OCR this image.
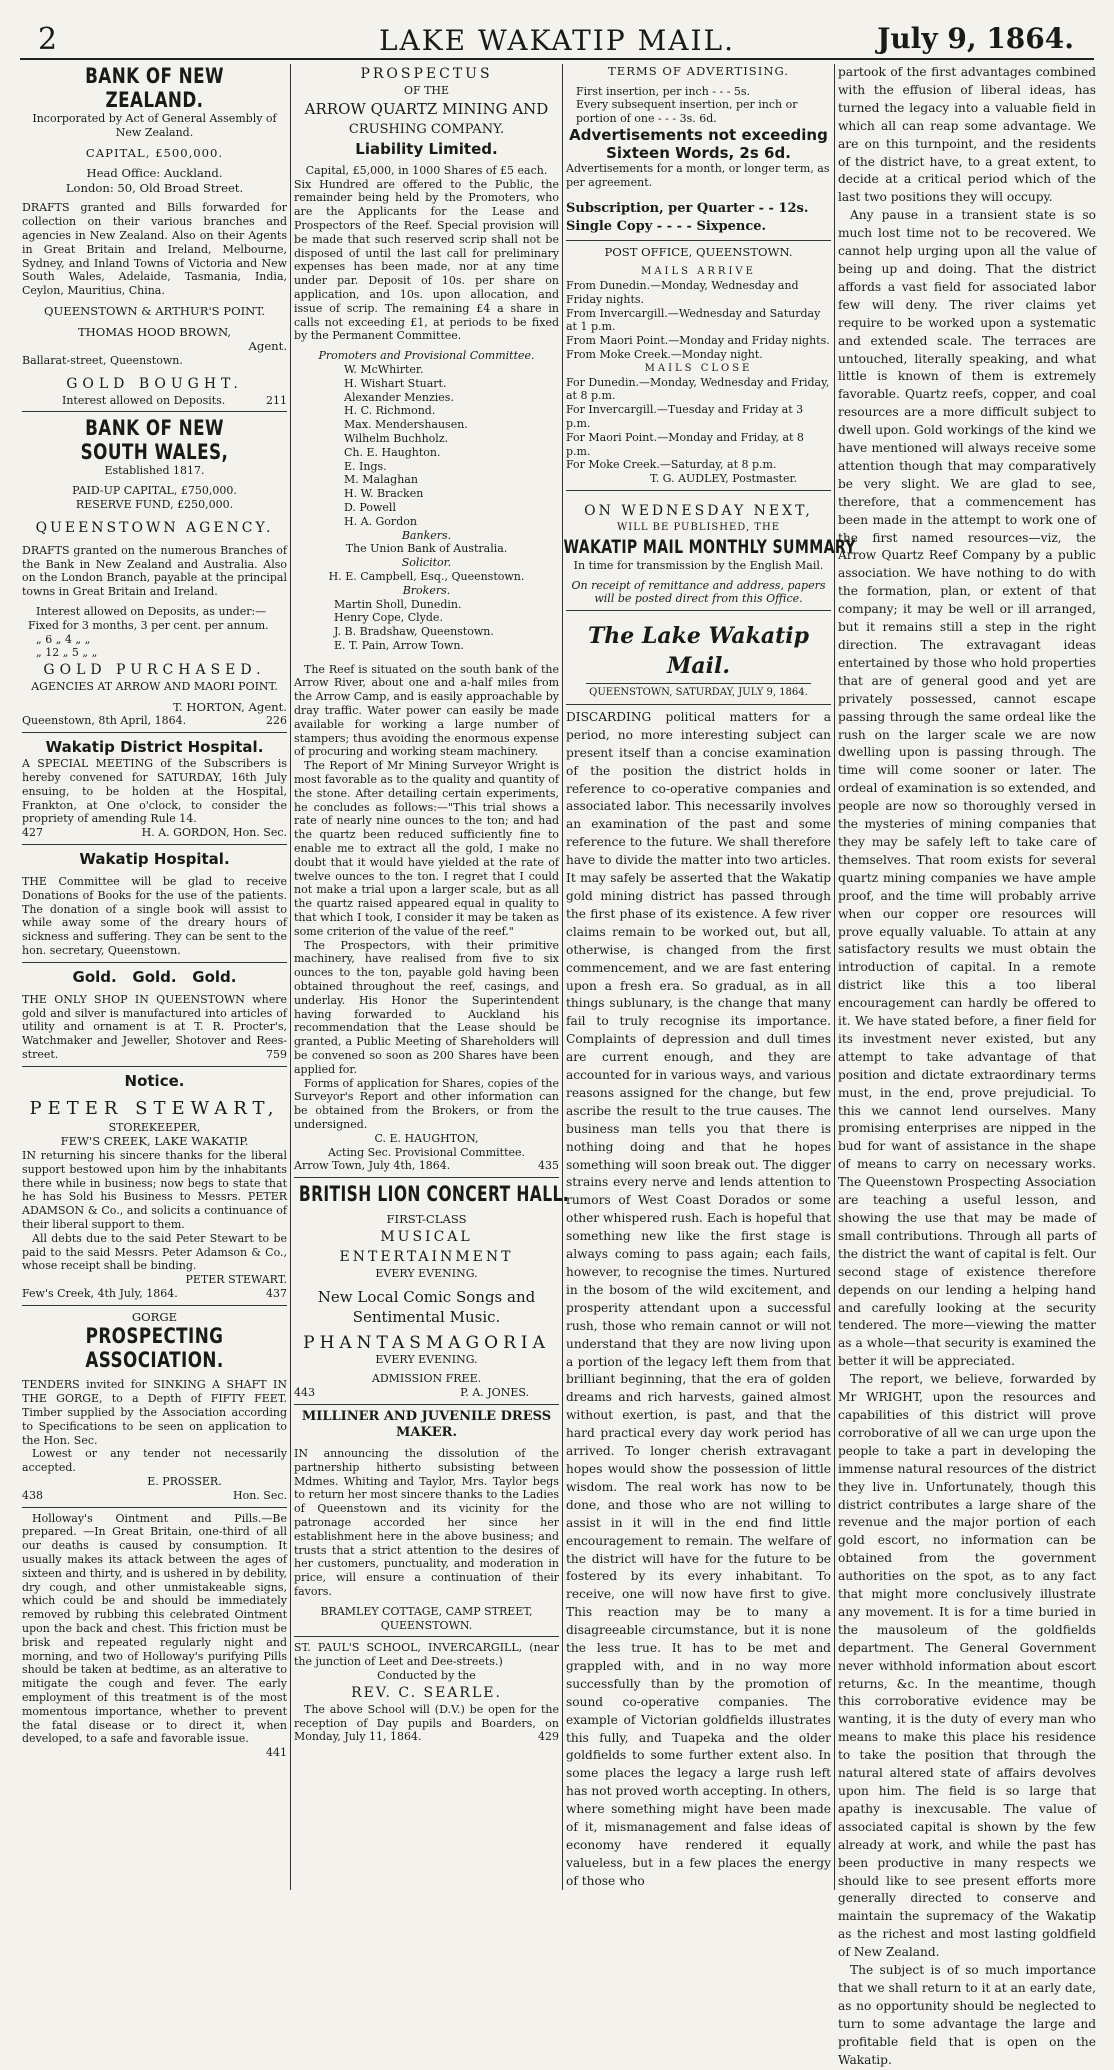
2	LAKE WAKATIP MAIL.	July 9, 1864.
BANK OF NEW ZEALAND.

Incorporated by Act of General Assembly of New Zealand.

CAPITAL, £500,000.

Head Office: Auckland.

London: 50, Old Broad Street.

DRAFTS granted and Bills forwarded for collection on their various branches and agencies in New Zealand. Also on their Agents in Great Britain and Ireland, Melbourne, Sydney, and Inland Towns of Victoria and New South Wales, Adelaide, Tasmania, India, Ceylon, Mauritius, China.

QUEENSTOWN & ARTHUR'S POINT.

THOMAS HOOD BROWN,

Agent.

Ballarat-street, Queenstown.

GOLD BOUGHT.

Interest allowed on Deposits.	211
BANK OF NEW SOUTH WALES,

Established 1817.

PAID-UP CAPITAL, £750,000.

RESERVE FUND, £250,000.

QUEENSTOWN AGENCY.

DRAFTS granted on the numerous Branches of the Bank in New Zealand and Australia. Also on the London Branch, payable at the principal towns in Great Britain and Ireland.

Interest allowed on Deposits, as under:—

Fixed for 3 months, 3 per cent. per annum.

„ 6 „ 4 „ „

„ 12 „ 5 „ „

GOLD PURCHASED.

AGENCIES AT ARROW AND MAORI POINT.

T. HORTON, Agent.

Queenstown, 8th April, 1864.	226
Wakatip District Hospital.

A SPECIAL MEETING of the Subscribers is hereby convened for SATURDAY, 16th July ensuing, to be holden at the Hospital, Frankton, at One o'clock, to consider the propriety of amending Rule 14.

427	H. A. GORDON, Hon. Sec.
Wakatip Hospital.

THE Committee will be glad to receive Donations of Books for the use of the patients. The donation of a single book will assist to while away some of the dreary hours of sickness and suffering. They can be sent to the hon. secretary, Queenstown.

Gold.   Gold.   Gold.

THE ONLY SHOP IN QUEENSTOWN where gold and silver is manufactured into articles of utility and ornament is at T. R. Procter's, Watchmaker and Jeweller, Shotover and Rees-street.	759

Notice.

PETER STEWART,

STOREKEEPER,

FEW'S CREEK, LAKE WAKATIP.

IN returning his sincere thanks for the liberal support bestowed upon him by the inhabitants there while in business; now begs to state that he has Sold his Business to Messrs. PETER ADAMSON & Co., and solicits a continuance of their liberal support to them.

All debts due to the said Peter Stewart to be paid to the said Messrs. Peter Adamson & Co., whose receipt shall be binding.

PETER STEWART.

Few's Creek, 4th July, 1864.	437

GORGE

PROSPECTING ASSOCIATION.

TENDERS invited for SINKING A SHAFT IN THE GORGE, to a Depth of FIFTY FEET. Timber supplied by the Association according to Specifications to be seen on application to the Hon. Sec.

Lowest or any tender not necessarily accepted.

E. PROSSER.

438	Hon. Sec.

Holloway's Ointment and Pills.—Be prepared. —In Great Britain, one-third of all our deaths is caused by consumption. It usually makes its attack between the ages of sixteen and thirty, and is ushered in by debility, dry cough, and other unmistakeable signs, which could be and should be immediately removed by rubbing this celebrated Ointment upon the back and chest. This friction must be brisk and repeated regularly night and morning, and two of Holloway's purifying Pills should be taken at bedtime, as an alterative to mitigate the cough and fever. The early employment of this treatment is of the most momentous importance, whether to prevent the fatal disease or to direct it, when developed, to a safe and favorable issue.

441

PROSPECTUS

OF THE

ARROW QUARTZ MINING AND

CRUSHING COMPANY.

Liability Limited.

Capital, £5,000, in 1000 Shares of £5 each.

Six Hundred are offered to the Public, the remainder being held by the Promoters, who are the Applicants for the Lease and Prospectors of the Reef. Special provision will be made that such reserved scrip shall not be disposed of until the last call for preliminary expenses has been made, nor at any time under par. Deposit of 10s. per share on application, and 10s. upon allocation, and issue of scrip. The remaining £4 a share in calls not exceeding £1, at periods to be fixed by the Permanent Committee.

Promoters and Provisional Committee.

W. McWhirter.

H. Wishart Stuart.

Alexander Menzies.

H. C. Richmond.

Max. Mendershausen.

Wilhelm Buchholz.

Ch. E. Haughton.

E. Ings.

M. Malaghan

H. W. Bracken

D. Powell

H. A. Gordon

Bankers.

The Union Bank of Australia.

Solicitor.

H. E. Campbell, Esq., Queenstown.

Brokers.

Martin Sholl, Dunedin.

Henry Cope, Clyde.

J. B. Bradshaw, Queenstown.

E. T. Pain, Arrow Town.

The Reef is situated on the south bank of the Arrow River, about one and a-half miles from the Arrow Camp, and is easily approachable by dray traffic. Water power can easily be made available for working a large number of stampers; thus avoiding the enormous expense of procuring and working steam machinery.

The Report of Mr Mining Surveyor Wright is most favorable as to the quality and quantity of the stone. After detailing certain experiments, he concludes as follows:—"This trial shows a rate of nearly nine ounces to the ton; and had the quartz been reduced sufficiently fine to enable me to extract all the gold, I make no doubt that it would have yielded at the rate of twelve ounces to the ton. I regret that I could not make a trial upon a larger scale, but as all the quartz raised appeared equal in quality to that which I took, I consider it may be taken as some criterion of the value of the reef."

The Prospectors, with their primitive machinery, have realised from five to six ounces to the ton, payable gold having been obtained throughout the reef, casings, and underlay. His Honor the Superintendent having forwarded to Auckland his recommendation that the Lease should be granted, a Public Meeting of Shareholders will be convened so soon as 200 Shares have been applied for.

Forms of application for Shares, copies of the Surveyor's Report and other information can be obtained from the Brokers, or from the undersigned.

C. E. HAUGHTON,

Acting Sec. Provisional Committee.

Arrow Town, July 4th, 1864.	435
BRITISH LION CONCERT HALL.

FIRST-CLASS

MUSICAL ENTERTAINMENT

EVERY EVENING.

New Local Comic Songs and Sentimental Music.

PHANTASMAGORIA

EVERY EVENING.

ADMISSION FREE.

443	P. A. JONES.

MILLINER AND JUVENILE DRESS MAKER.

IN announcing the dissolution of the partnership hitherto subsisting between Mdmes. Whiting and Taylor, Mrs. Taylor begs to return her most sincere thanks to the Ladies of Queenstown and its vicinity for the patronage accorded her since her establishment here in the above business; and trusts that a strict attention to the desires of her customers, punctuality, and moderation in price, will ensure a continuation of their favors.

BRAMLEY COTTAGE, CAMP STREET, QUEENSTOWN.

ST. PAUL'S SCHOOL, INVERCARGILL, (near the junction of Leet and Dee-streets.)

Conducted by the

REV. C. SEARLE.

The above School will (D.V.) be open for the reception of Day pupils and Boarders, on Monday, July 11, 1864.	429

TERMS OF ADVERTISING.

First insertion, per inch - - - 5s.

Every subsequent insertion, per inch or portion of one - - - 3s. 6d.

Advertisements not exceeding Sixteen Words, 2s 6d.

Advertisements for a month, or longer term, as per agreement.

Subscription, per Quarter - - 12s.

Single Copy - - - - Sixpence.

POST OFFICE, QUEENSTOWN.

MAILS ARRIVE

From Dunedin.—Monday, Wednesday and Friday nights.

From Invercargill.—Wednesday and Saturday at 1 p.m.

From Maori Point.—Monday and Friday nights.

From Moke Creek.—Monday night.

MAILS CLOSE

For Dunedin.—Monday, Wednesday and Friday, at 8 p.m.

For Invercargill.—Tuesday and Friday at 3 p.m.

For Maori Point.—Monday and Friday, at 8 p.m.

For Moke Creek.—Saturday, at 8 p.m.

T. G. AUDLEY, Postmaster.

ON WEDNESDAY NEXT,

WILL BE PUBLISHED, THE

WAKATIP MAIL MONTHLY SUMMARY

In time for transmission by the English Mail.

On receipt of remittance and address, papers will be posted direct from this Office.

The Lake Wakatip Mail.

QUEENSTOWN, SATURDAY, JULY 9, 1864.

DISCARDING political matters for a period, no more interesting subject can present itself than a concise examination of the position the district holds in reference to co-operative companies and associated labor. This necessarily involves an examination of the past and some reference to the future. We shall therefore have to divide the matter into two articles. It may safely be asserted that the Wakatip gold mining district has passed through the first phase of its existence. A few river claims remain to be worked out, but all, otherwise, is changed from the first commencement, and we are fast entering upon a fresh era. So gradual, as in all things sublunary, is the change that many fail to truly recognise its importance. Complaints of depression and dull times are current enough, and they are accounted for in various ways, and various reasons assigned for the change, but few ascribe the result to the true causes. The business man tells you that there is nothing doing and that he hopes something will soon break out. The digger strains every nerve and lends attention to rumors of West Coast Dorados or some other whispered rush. Each is hopeful that something new like the first stage is always coming to pass again; each fails, however, to recognise the times. Nurtured in the bosom of the wild excitement, and prosperity attendant upon a successful rush, those who remain cannot or will not understand that they are now living upon a portion of the legacy left them from that brilliant beginning, that the era of golden dreams and rich harvests, gained almost without exertion, is past, and that the hard practical every day work period has arrived. To longer cherish extravagant hopes would show the possession of little wisdom. The real work has now to be done, and those who are not willing to assist in it will in the end find little encouragement to remain. The welfare of the district will have for the future to be fostered by its every inhabitant. To receive, one will now have first to give. This reaction may be to many a disagreeable circumstance, but it is none the less true. It has to be met and grappled with, and in no way more successfully than by the promotion of sound co-operative companies. The example of Victorian goldfields illustrates this fully, and Tuapeka and the older goldfields to some further extent also. In some places the legacy a large rush left has not proved worth accepting. In others, where something might have been made of it, mismanagement and false ideas of economy have rendered it equally valueless, but in a few places the energy of those who

partook of the first advantages combined with the effusion of liberal ideas, has turned the legacy into a valuable field in which all can reap some advantage. We are on this turnpoint, and the residents of the district have, to a great extent, to decide at a critical period which of the last two positions they will occupy.

Any pause in a transient state is so much lost time not to be recovered. We cannot help urging upon all the value of being up and doing. That the district affords a vast field for associated labor few will deny. The river claims yet require to be worked upon a systematic and extended scale. The terraces are untouched, literally speaking, and what little is known of them is extremely favorable. Quartz reefs, copper, and coal resources are a more difficult subject to dwell upon. Gold workings of the kind we have mentioned will always receive some attention though that may comparatively be very slight. We are glad to see, therefore, that a commencement has been made in the attempt to work one of the first named resources—viz, the Arrow Quartz Reef Company by a public association. We have nothing to do with the formation, plan, or extent of that company; it may be well or ill arranged, but it remains still a step in the right direction. The extravagant ideas entertained by those who hold properties that are of general good and yet are privately possessed, cannot escape passing through the same ordeal like the rush on the larger scale we are now dwelling upon is passing through. The time will come sooner or later. The ordeal of examination is so extended, and people are now so thoroughly versed in the mysteries of mining companies that they may be safely left to take care of themselves. That room exists for several quartz mining companies we have ample proof, and the time will probably arrive when our copper ore resources will prove equally valuable. To attain at any satisfactory results we must obtain the introduction of capital. In a remote district like this a too liberal encouragement can hardly be offered to it. We have stated before, a finer field for its investment never existed, but any attempt to take advantage of that position and dictate extraordinary terms must, in the end, prove prejudicial. To this we cannot lend ourselves. Many promising enterprises are nipped in the bud for want of assistance in the shape of means to carry on necessary works. The Queenstown Prospecting Association are teaching a useful lesson, and showing the use that may be made of small contributions. Through all parts of the district the want of capital is felt. Our second stage of existence therefore depends on our lending a helping hand and carefully looking at the security tendered. The more—viewing the matter as a whole—that security is examined the better it will be appreciated.

The report, we believe, forwarded by Mr WRIGHT, upon the resources and capabilities of this district will prove corroborative of all we can urge upon the people to take a part in developing the immense natural resources of the district they live in. Unfortunately, though this district contributes a large share of the revenue and the major portion of each gold escort, no information can be obtained from the government authorities on the spot, as to any fact that might more conclusively illustrate any movement. It is for a time buried in the mausoleum of the goldfields department. The General Government never withhold information about escort returns, &c. In the meantime, though this corroborative evidence may be wanting, it is the duty of every man who means to make this place his residence to take the position that through the natural altered state of affairs devolves upon him. The field is so large that apathy is inexcusable. The value of associated capital is shown by the few already at work, and while the past has been productive in many respects we should like to see present efforts more generally directed to conserve and maintain the supremacy of the Wakatip as the richest and most lasting goldfield of New Zealand.

The subject is of so much importance that we shall return to it at an early date, as no opportunity should be neglected to turn to some advantage the large and profitable field that is open on the Wakatip.
